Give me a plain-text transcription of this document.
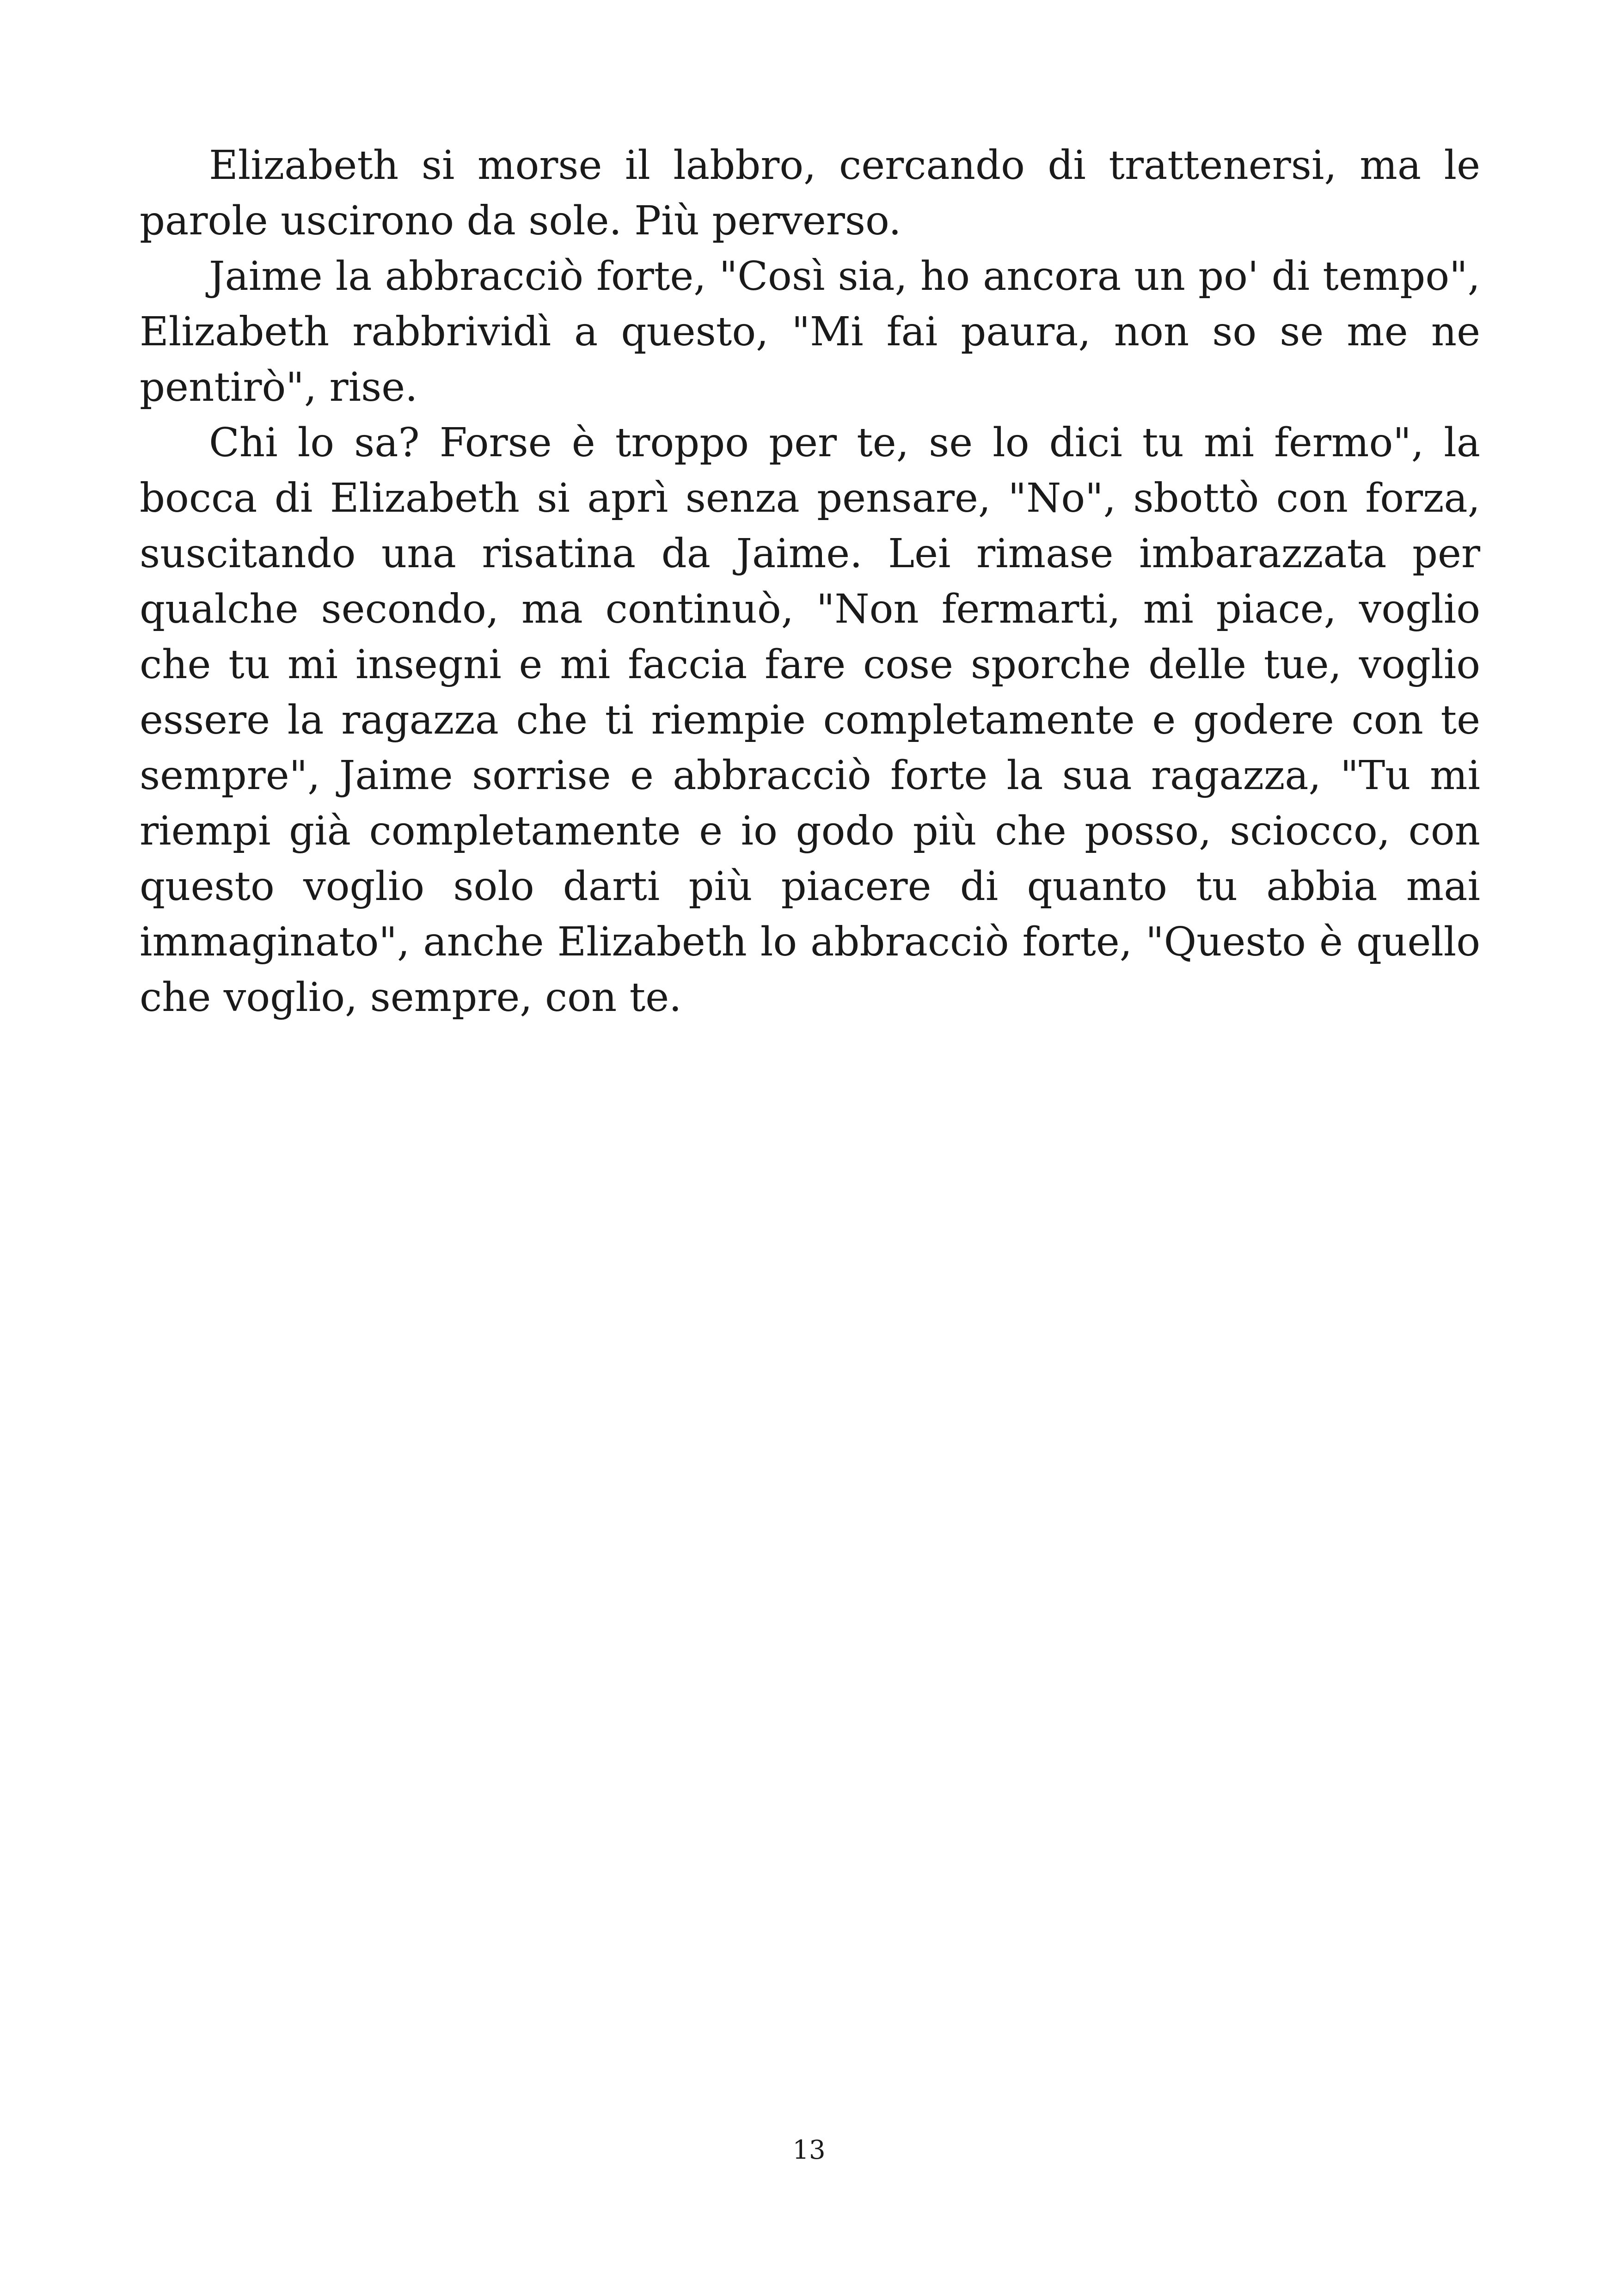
Elizabeth si morse il labbro, cercando di trattenersi, ma le parole uscirono da sole. Più perverso.

Jaime la abbracciò forte, "Così sia, ho ancora un po' di tempo", Elizabeth rabbrividì a questo, "Mi fai paura, non so se me ne pentirò", rise.

Chi lo sa? Forse è troppo per te, se lo dici tu mi fermo", la bocca di Elizabeth si aprì senza pensare, "No", sbottò con forza, suscitando una risatina da Jaime. Lei rimase imbarazzata per qualche secondo, ma continuò, "Non fermarti, mi piace, voglio che tu mi insegni e mi faccia fare cose sporche delle tue, voglio essere la ragazza che ti riempie completamente e godere con te sempre", Jaime sorrise e abbracciò forte la sua ragazza, "Tu mi riempi già completamente e io godo più che posso, sciocco, con questo voglio solo darti più piacere di quanto tu abbia mai immaginato", anche Elizabeth lo abbracciò forte, "Questo è quello che voglio, sempre, con te.

13
